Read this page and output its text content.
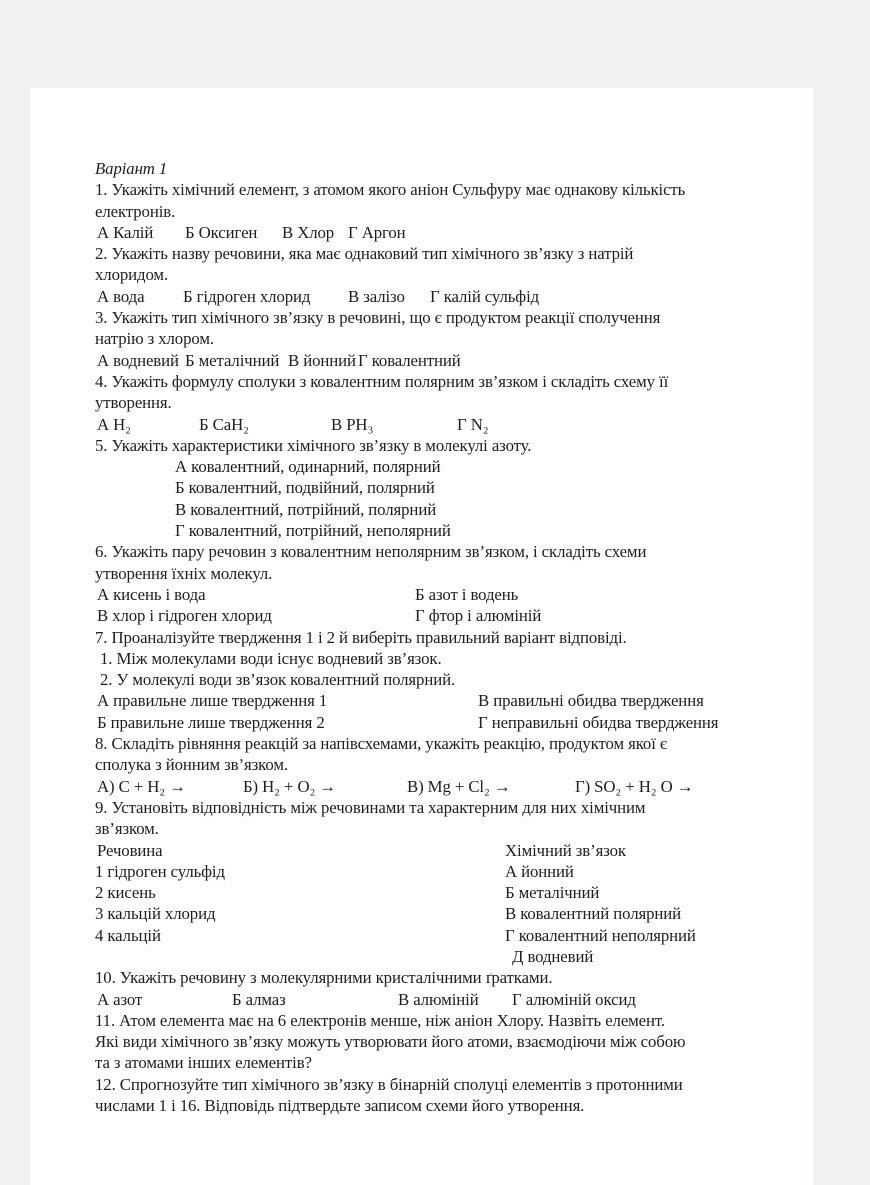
Варіант 1
1. Укажіть хімічний елемент, з атомом якого аніон Сульфуру має однакову кількість
електронів.
А Калій Б Оксиген В Хлор Г Аргон
2. Укажіть назву речовини, яка має однаковий тип хімічного зв’язку з натрій
хлоридом.
А вода Б гідроген хлорид В залізо Г калій сульфід
3. Укажіть тип хімічного зв’язку в речовині, що є продуктом реакції сполучення
натрію з хлором.
А водневий Б металічний В йонний Г ковалентний
4. Укажіть формулу сполуки з ковалентним полярним зв’язком і складіть схему її
утворення.
А H₂	Б CaH₂	В PH₃	Г N₂
5. Укажіть характеристики хімічного зв’язку в молекулі азоту.
А ковалентний, одинарний, полярний
Б ковалентний, подвійний, полярний
В ковалентний, потрійний, полярний
Г ковалентний, потрійний, неполярний
6. Укажіть пару речовин з ковалентним неполярним зв’язком, і складіть схеми
утворення їхніх молекул.
А кисень і вода	Б азот і водень
В хлор і гідроген хлорид	Г фтор і алюміній
7. Проаналізуйте твердження 1 і 2 й виберіть правильний варіант відповіді.
1. Між молекулами води існує водневий зв’язок.
2. У молекулі води зв’язок ковалентний полярний.
А правильне лише твердження 1	В правильні обидва твердження
Б правильне лише твердження 2	Г неправильні обидва твердження
8. Складіть рівняння реакцій за напівсхемами, укажіть реакцію, продуктом якої є
сполука з йонним зв’язком.
А) C + H₂ →	Б) H₂ + O₂ →	В) Mg + Cl₂ →	Г) SO₂ + H₂ O →
9. Установіть відповідність між речовинами та характерним для них хімічним
зв’язком.
Речовина	Хімічний зв’язок
1 гідроген сульфід	А йонний
2 кисень	Б металічний
3 кальцій хлорид	В ковалентний полярний
4 кальцій	Г ковалентний неполярний
Д водневий
10. Укажіть речовину з молекулярними кристалічними ґратками.
А азот	Б алмаз	В алюміній Г алюміній оксид
11. Атом елемента має на 6 електронів менше, ніж аніон Хлору. Назвіть елемент.
Які види хімічного зв’язку можуть утворювати його атоми, взаємодіючи між собою
та з атомами інших елементів?
12. Спрогнозуйте тип хімічного зв’язку в бінарній сполуці елементів з протонними
числами 1 і 16. Відповідь підтвердьте записом схеми його утворення.
